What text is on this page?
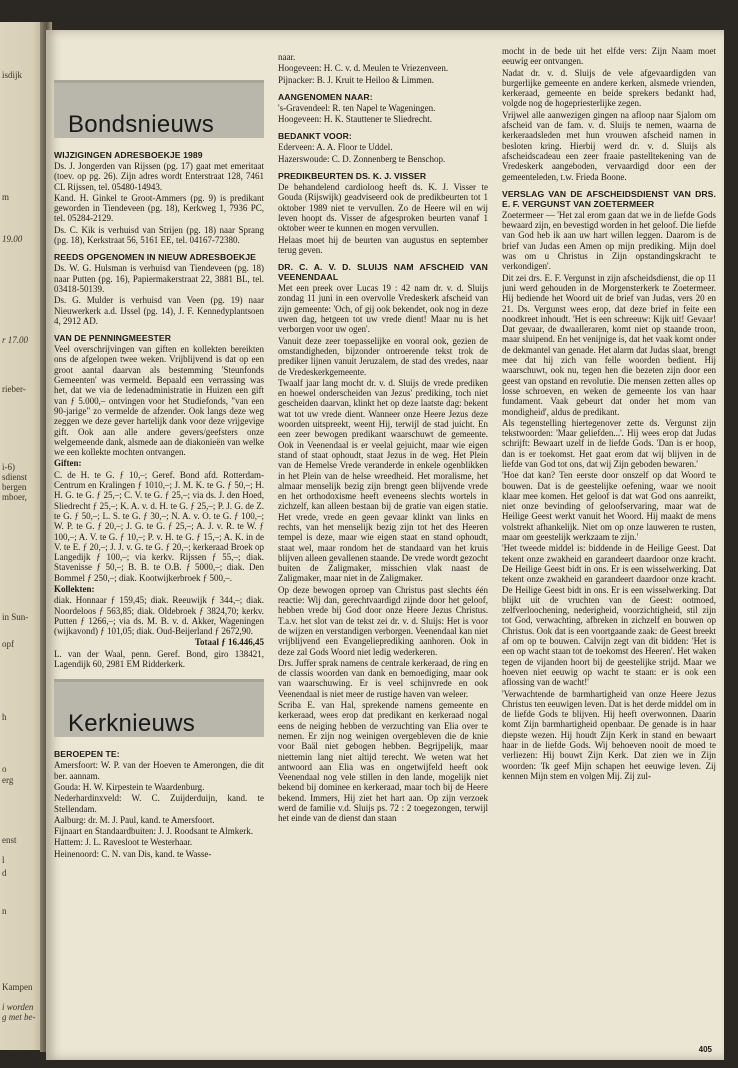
isdijk
m
19.00
r 17.00
rieber-
i-6)
sdienst
bergen
mboer,
in Sun-
opf
h
o
erg
enst
l
d
n
Kampen
i worden
g met be-
Bondsnieuws
WIJZIGINGEN ADRESBOEKJE 1989

Ds. J. Jongerden van Rijssen (pg. 17) gaat met emeritaat (toev. op pg. 26). Zijn adres wordt Enterstraat 128, 7461 CL Rijssen, tel. 05480-14943.

Kand. H. Ginkel te Groot-Ammers (pg. 9) is predikant geworden in Tiendeveen (pg. 18), Kerkweg 1, 7936 PC, tel. 05284-2129.

Ds. C. Kik is verhuisd van Strijen (pg. 18) naar Sprang (pg. 18), Kerkstraat 56, 5161 EE, tel. 04167-72380.

REEDS OPGENOMEN IN NIEUW ADRESBOEKJE

Ds. W. G. Hulsman is verhuisd van Tiendeveen (pg. 18) naar Putten (pg. 16), Papiermakerstraat 22, 3881 BL, tel. 03418-50139.

Ds. G. Mulder is verhuisd van Veen (pg. 19) naar Nieuwerkerk a.d. IJssel (pg. 14), J. F. Kennedyplantsoen 4, 2912 AD.

VAN DE PENNINGMEESTER

Veel overschrijvingen van giften en kollekten bereikten ons de afgelopen twee weken. Vrijblijvend is dat op een groot aantal daarvan als bestemming 'Steunfonds Gemeenten' was vermeld. Bepaald een verrassing was het, dat we via de ledenadministratie in Huizen een gift van ƒ 5.000,– ontvingen voor het Studiefonds, "van een 90-jarige" zo vermelde de afzender. Ook langs deze weg zeggen we deze gever hartelijk dank voor deze vrijgevige gift. Ook aan alle andere gevers/geefsters onze welgemeende dank, alsmede aan de diakonieën van welke we een kollekte mochten ontvangen.

Giften:

C. de H. te G. ƒ 10,–; Geref. Bond afd. Rotterdam-Centrum en Kralingen ƒ 1010,–; J. M. K. te G. ƒ 50,–; H. H. G. te G. ƒ 25,–; C. V. te G. ƒ 25,–; via ds. J. den Hoed, Sliedrecht ƒ 25,–; K. A. v. d. H. te G. ƒ 25,–; P. J. G. de Z. te G. ƒ 50,–; L. S. te G. ƒ 30,–; N. A. v. O. te G. ƒ 100,–; W. P. te G. ƒ 20,–; J. G. te G. ƒ 25,–; A. J. v. R. te W. ƒ 100,–; A. V. te G. ƒ 10,–; P. v. H. te G. ƒ 15,–; A. K. in de V. te E. ƒ 20,–; J. J. v. G. te G. ƒ 20,–; kerkeraad Broek op Langedijk ƒ 100,–; via kerkv. Rijssen ƒ 55,–; diak. Stavenisse ƒ 50,–; B. B. te O.B. ƒ 5000,–; diak. Den Bommel ƒ 250,–; diak. Kootwijkerbroek ƒ 500,–.

Kollekten:

diak. Honnaar ƒ 159,45; diak. Reeuwijk ƒ 344,–; diak. Noordeloos ƒ 563,85; diak. Oldebroek ƒ 3824,70; kerkv. Putten ƒ 1266,–; via ds. M. B. v. d. Akker, Wageningen (wijkavond) ƒ 101,05; diak. Oud-Beijerland ƒ 2672,90.

Totaal ƒ 16.446,45

L. van der Waal, penn. Geref. Bond, giro 138421, Lagendijk 60, 2981 EM Ridderkerk.

Kerknieuws
BEROEPEN TE:

Amersfoort: W. P. van der Hoeven te Amerongen, die dit ber. aannam.

Gouda: H. W. Kirpestein te Waardenburg.

Nederhardinxveld: W. C. Zuijderduijn, kand. te Stellendam.

Aalburg: dr. M. J. Paul, kand. te Amersfoort.

Fijnaart en Standaardbuiten: J. J. Roodsant te Almkerk.

Hattem: J. L. Ravesloot te Westerhaar.

Heinenoord: C. N. van Dis, kand. te Wasse-

naar.

Hoogeveen: H. C. v. d. Meulen te Vriezenveen.

Pijnacker: B. J. Kruit te Heiloo & Limmen.

AANGENOMEN NAAR:

's-Gravendeel: R. ten Napel te Wageningen.

Hoogeveen: H. K. Stauttener te Sliedrecht.

BEDANKT VOOR:

Ederveen: A. A. Floor te Uddel.

Hazerswoude: C. D. Zonnenberg te Benschop.

PREDIKBEURTEN DS. K. J. VISSER

De behandelend cardioloog heeft ds. K. J. Visser te Gouda (Rijswijk) geadviseerd ook de predikbeurten tot 1 oktober 1989 niet te vervullen. Zo de Heere wil en wij leven hoopt ds. Visser de afgesproken beurten vanaf 1 oktober weer te kunnen en mogen vervullen.

Helaas moet hij de beurten van augustus en september terug geven.

DR. C. A. V. D. SLUIJS NAM AFSCHEID VAN VEENENDAAL

Met een preek over Lucas 19 : 42 nam dr. v. d. Sluijs zondag 11 juni in een overvolle Vredeskerk afscheid van zijn gemeente: 'Och, of gij ook bekendet, ook nog in deze uwen dag, hetgeen tot uw vrede dient! Maar nu is het verborgen voor uw ogen'.

Vanuit deze zeer toepasselijke en vooral ook, gezien de omstandigheden, bijzonder ontroerende tekst trok de prediker lijnen vanuit Jeruzalem, de stad des vredes, naar de Vredeskerkgemeente.

Twaalf jaar lang mocht dr. v. d. Sluijs de vrede prediken en hoewel onderscheiden van Jezus' prediking, toch niet gescheiden daarvan, klinkt het op deze laatste dag: bekent wat tot uw vrede dient. Wanneer onze Heere Jezus deze woorden uitspreekt, weent Hij, terwijl de stad juicht. En een zeer bewogen predikant waarschuwt de gemeente. Ook in Veenendaal is er veelal gejuicht, maar wie eigen stand of staat ophoudt, staat Jezus in de weg. Het Plein van de Hemelse Vrede veranderde in enkele ogenblikken in het Plein van de helse wreedheid. Het moralisme, het almaar menselijk bezig zijn brengt geen blijvende vrede en het orthodoxisme heeft eveneens slechts wortels in zichzelf, kan alleen bestaan bij de gratie van eigen statie. Het vrede, vrede en geen gevaar klinkt van links en rechts, van het menselijk bezig zijn tot het des Heeren tempel is deze, maar wie eigen staat en stand ophoudt, staat wel, maar rondom het de standaard van het kruis blijven alleen gevallenen staande. De vrede wordt gezocht buiten de Zaligmaker, misschien vlak naast de Zaligmaker, maar niet in de Zaligmaker.

Op deze bewogen oproep van Christus past slechts één reactie: Wij dan, gerechtvaardigd zijnde door het geloof, hebben vrede bij God door onze Heere Jezus Christus. T.a.v. het slot van de tekst zei dr. v. d. Sluijs: Het is voor de wijzen en verstandigen verborgen. Veenendaal kan niet vrijblijvend een Evangelieprediking aanhoren. Ook in deze zal Gods Woord niet ledig wederkeren.

Drs. Juffer sprak namens de centrale kerkeraad, de ring en de classis woorden van dank en bemoediging, maar ook van waarschuwing. Er is veel schijnvrede en ook Veenendaal is niet meer de rustige haven van weleer.

Scriba E. van Hal, sprekende namens gemeente en kerkeraad, wees erop dat predikant en kerkeraad nogal eens de neiging hebben de verzuchting van Elia over te nemen. Er zijn nog weinigen overgebleven die de knie voor Baäl niet gebogen hebben. Begrijpelijk, maar niettemin lang niet altijd terecht. We weten wat het antwoord aan Elia was en ongetwijfeld heeft ook Veenendaal nog vele stillen in den lande, mogelijk niet bekend bij dominee en kerkeraad, maar toch bij de Heere bekend. Immers, Hij ziet het hart aan. Op zijn verzoek werd de familie v.d. Sluijs ps. 72 : 2 toegezongen, terwijl het einde van de dienst dan staan

mocht in de bede uit het elfde vers: Zijn Naam moet eeuwig eer ontvangen.

Nadat dr. v. d. Sluijs de vele afgevaardigden van burgerlijke gemeente en andere kerken, alsmede vrienden, kerkeraad, gemeente en beide sprekers bedankt had, volgde nog de hogepriesterlijke zegen.

Vrijwel alle aanwezigen gingen na afloop naar Sjalom om afscheid van de fam. v. d. Sluijs te nemen, waarna de kerkeraadsleden met hun vrouwen afscheid namen in besloten kring. Hierbij werd dr. v. d. Sluijs als afscheidscadeau een zeer fraaie pastelltekening van de Vredeskerk aangeboden, vervaardigd door een der gemeenteleden, t.w. Frieda Boone.

VERSLAG VAN DE AFSCHEIDSDIENST VAN DRS. E. F. VERGUNST VAN ZOETERMEER

Zoetermeer — 'Het zal erom gaan dat we in de liefde Gods bewaard zijn, en bevestigd worden in het geloof. Die liefde van God heb ik aan uw hart willen leggen. Daarom is de brief van Judas een Amen op mijn prediking. Mijn doel was om u Christus in Zijn opstandingskracht te verkondigen'.

Dit zei drs. E. F. Vergunst in zijn afscheidsdienst, die op 11 juni werd gehouden in de Morgensterkerk te Zoetermeer. Hij bediende het Woord uit de brief van Judas, vers 20 en 21. Ds. Vergunst wees erop, dat deze brief in feite een noodkreet inhoudt. 'Het is een schreeuw: Kijk uit! Gevaar! Dat gevaar, de dwaalleraren, komt niet op staande troon, maar sluipend. En het venijnige is, dat het vaak komt onder de dekmantel van genade. Het alarm dat Judas slaat, brengt mee dat hij zich van felle woorden bedient. Hij waarschuwt, ook nu, tegen hen die bezeten zijn door een geest van opstand en revolutie. Die mensen zetten alles op losse schroeven, en weken de gemeente los van haar fundament. Vaak gebeurt dat onder het mom van mondigheid', aldus de predikant.

Als tegenstelling hiertegenover zette ds. Vergunst zijn tekstwoorden: 'Maar geliefden...'. Hij wees erop dat Judas schrijft: Bewaart uzelf in de liefde Gods. 'Dan is er hoop, dan is er toekomst. Het gaat erom dat wij blijven in de liefde van God tot ons, dat wij Zijn geboden bewaren.'

'Hoe dat kan? Ten eerste door onszelf op dat Woord te bouwen. Dat is de geestelijke oefening, waar we nooit klaar mee komen. Het geloof is dat wat God ons aanreikt, niet onze bevinding of geloofservaring, maar wat de Heilige Geest werkt vanuit het Woord. Hij maakt de mens volstrekt afhankelijk. Niet om op onze lauweren te rusten, maar om geestelijk werkzaam te zijn.'

'Het tweede middel is: biddende in de Heilige Geest. Dat tekent onze zwakheid en garandeert daardoor onze kracht. De Heilige Geest bidt in ons. Er is een wisselwerking. Dat tekent onze zwakheid en garandeert daardoor onze kracht. De Heilige Geest bidt in ons. Er is een wisselwerking. Dat blijkt uit de vruchten van de Geest: ootmoed, zelfverloochening, nederigheid, voorzichtigheid, stil zijn tot God, verwachting, afbreken in zichzelf en bouwen op Christus. Ook dat is een voortgaande zaak: de Geest breekt af om op te bouwen. Calvijn zegt van dit bidden: 'Het is een op wacht staan tot de toekomst des Heeren'. Het waken tegen de vijanden hoort bij de geestelijke strijd. Maar we hoeven niet eeuwig op wacht te staan: er is ook een aflossing van de wacht!'

'Verwachtende de barmhartigheid van onze Heere Jezus Christus ten eeuwigen leven. Dat is het derde middel om in de liefde Gods te blijven. Hij heeft overwonnen. Daarin komt Zijn barmhartigheid openbaar. De genade is in haar diepste wezen. Hij houdt Zijn Kerk in stand en bewaart haar in de liefde Gods. Wij behoeven nooit de moed te verliezen: Hij bouwt Zijn Kerk. Dat zien we in Zijn woorden: 'Ik geef Mijn schapen het eeuwige leven. Zij kennen Mijn stem en volgen Mij. Zij zul-

405
